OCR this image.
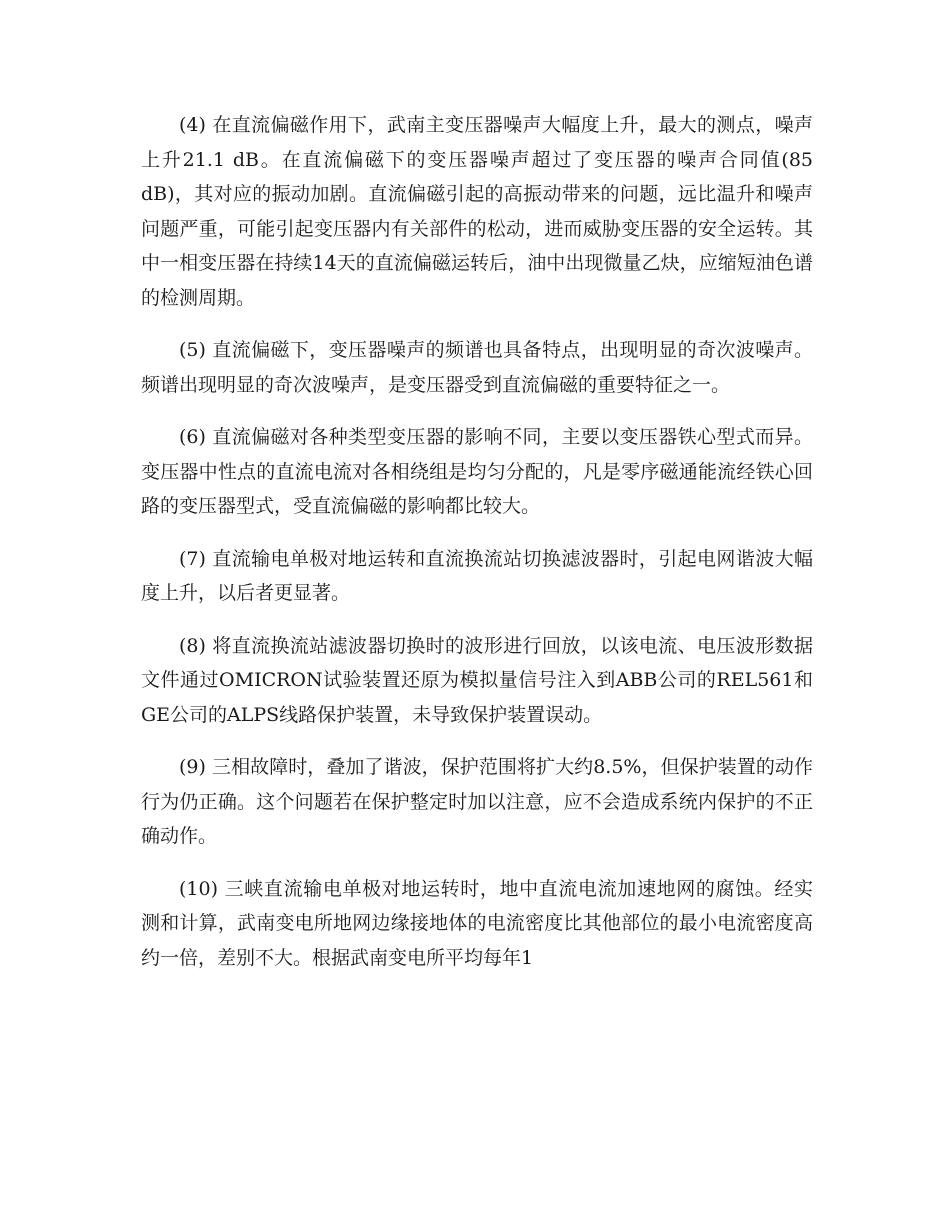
(4) 在直流偏磁作用下，武南主变压器噪声大幅度上升，最大的测点，噪声上升21.1 dB。在直流偏磁下的变压器噪声超过了变压器的噪声合同值(85 dB)，其对应的振动加剧。直流偏磁引起的高振动带来的问题，远比温升和噪声问题严重，可能引起变压器内有关部件的松动，进而威胁变压器的安全运转。其中一相变压器在持续14天的直流偏磁运转后，油中出现微量乙炔，应缩短油色谱的检测周期。

(5) 直流偏磁下，变压器噪声的频谱也具备特点，出现明显的奇次波噪声。频谱出现明显的奇次波噪声，是变压器受到直流偏磁的重要特征之一。

(6) 直流偏磁对各种类型变压器的影响不同，主要以变压器铁心型式而异。变压器中性点的直流电流对各相绕组是均匀分配的，凡是零序磁通能流经铁心回路的变压器型式，受直流偏磁的影响都比较大。

(7) 直流输电单极对地运转和直流换流站切换滤波器时，引起电网谐波大幅度上升，以后者更显著。

(8) 将直流换流站滤波器切换时的波形进行回放，以该电流、电压波形数据文件通过OMICRON试验装置还原为模拟量信号注入到ABB公司的REL561和GE公司的ALPS线路保护装置，未导致保护装置误动。

(9) 三相故障时，叠加了谐波，保护范围将扩大约8.5%，但保护装置的动作行为仍正确。这个问题若在保护整定时加以注意，应不会造成系统内保护的不正确动作。

(10) 三峡直流输电单极对地运转时，地中直流电流加速地网的腐蚀。经实测和计算，武南变电所地网边缘接地体的电流密度比其他部位的最小电流密度高约一倍，差别不大。根据武南变电所平均每年1
